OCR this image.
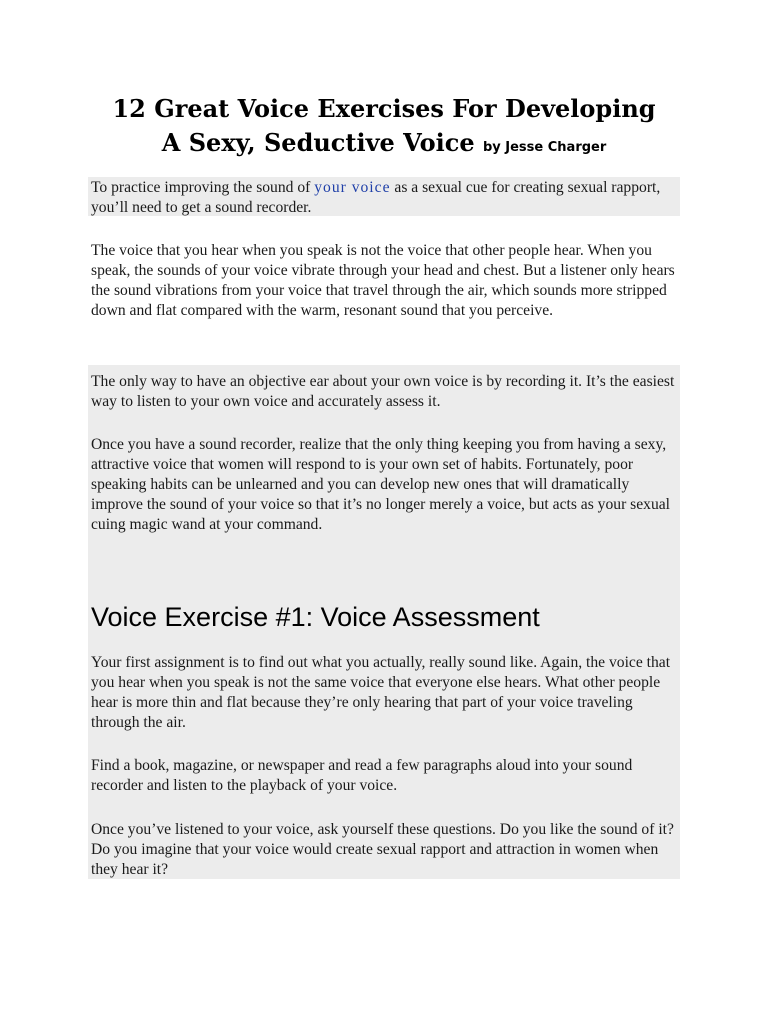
12 Great Voice Exercises For Developing
A Sexy, Seductive Voice by Jesse Charger

To practice improving the sound of your voice as a sexual cue for creating sexual rapport, you’ll need to get a sound recorder.

The voice that you hear when you speak is not the voice that other people hear. When you speak, the sounds of your voice vibrate through your head and chest. But a listener only hears the sound vibrations from your voice that travel through the air, which sounds more stripped down and flat compared with the warm, resonant sound that you perceive.

The only way to have an objective ear about your own voice is by recording it. It’s the easiest way to listen to your own voice and accurately assess it.

Once you have a sound recorder, realize that the only thing keeping you from having a sexy, attractive voice that women will respond to is your own set of habits. Fortunately, poor speaking habits can be unlearned and you can develop new ones that will dramatically improve the sound of your voice so that it’s no longer merely a voice, but acts as your sexual cuing magic wand at your command.

Voice Exercise #1: Voice Assessment

Your first assignment is to find out what you actually, really sound like. Again, the voice that you hear when you speak is not the same voice that everyone else hears. What other people hear is more thin and flat because they’re only hearing that part of your voice traveling through the air.

Find a book, magazine, or newspaper and read a few paragraphs aloud into your sound recorder and listen to the playback of your voice.

Once you’ve listened to your voice, ask yourself these questions. Do you like the sound of it? Do you imagine that your voice would create sexual rapport and attraction in women when they hear it?
